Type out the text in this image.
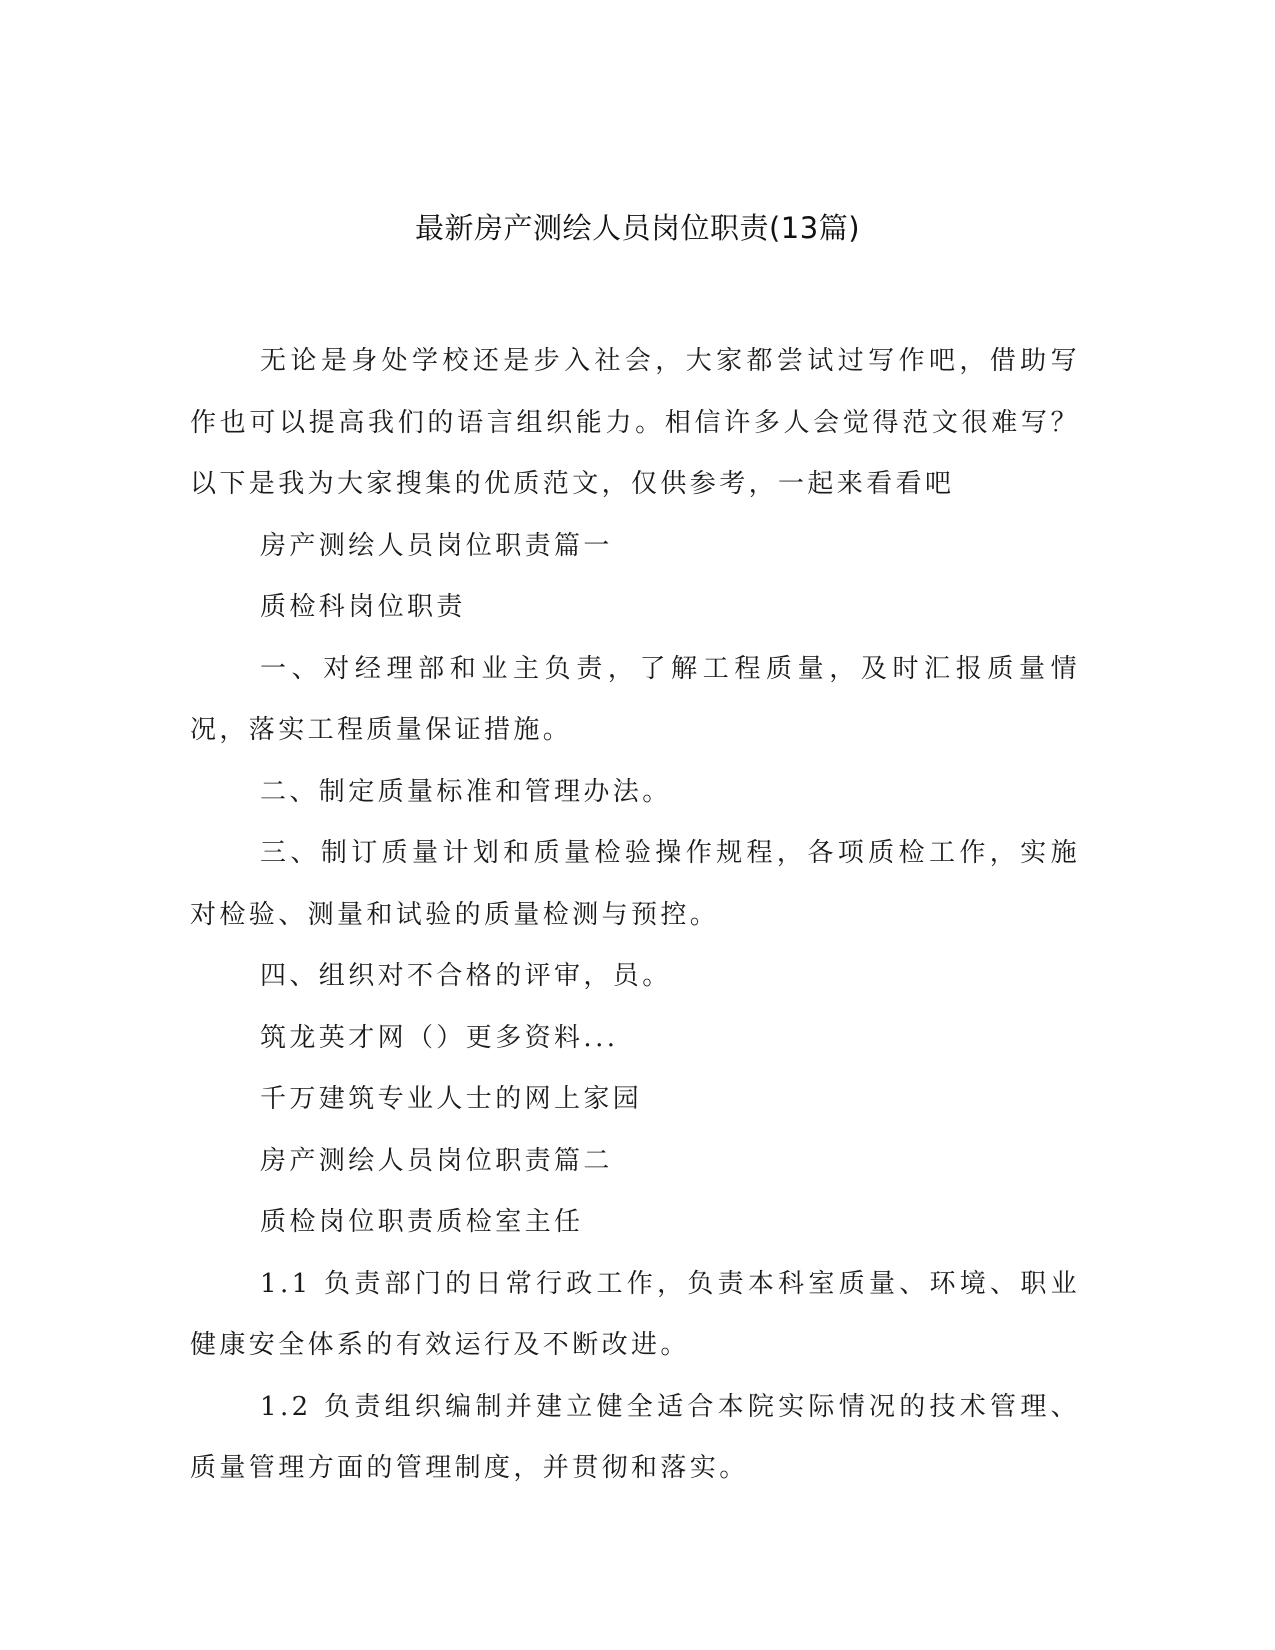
最新房产测绘人员岗位职责(13篇)

无论是身处学校还是步入社会，大家都尝试过写作吧，借助写作也可以提高我们的语言组织能力。相信许多人会觉得范文很难写？以下是我为大家搜集的优质范文，仅供参考，一起来看看吧

房产测绘人员岗位职责篇一

质检科岗位职责

一、对经理部和业主负责，了解工程质量，及时汇报质量情况，落实工程质量保证措施。

二、制定质量标准和管理办法。

三、制订质量计划和质量检验操作规程，各项质检工作，实施对检验、测量和试验的质量检测与预控。

四、组织对不合格的评审，员。

筑龙英才网（）更多资料...

千万建筑专业人士的网上家园

房产测绘人员岗位职责篇二

质检岗位职责质检室主任

1.1 负责部门的日常行政工作，负责本科室质量、环境、职业健康安全体系的有效运行及不断改进。

1.2 负责组织编制并建立健全适合本院实际情况的技术管理、质量管理方面的管理制度，并贯彻和落实。
